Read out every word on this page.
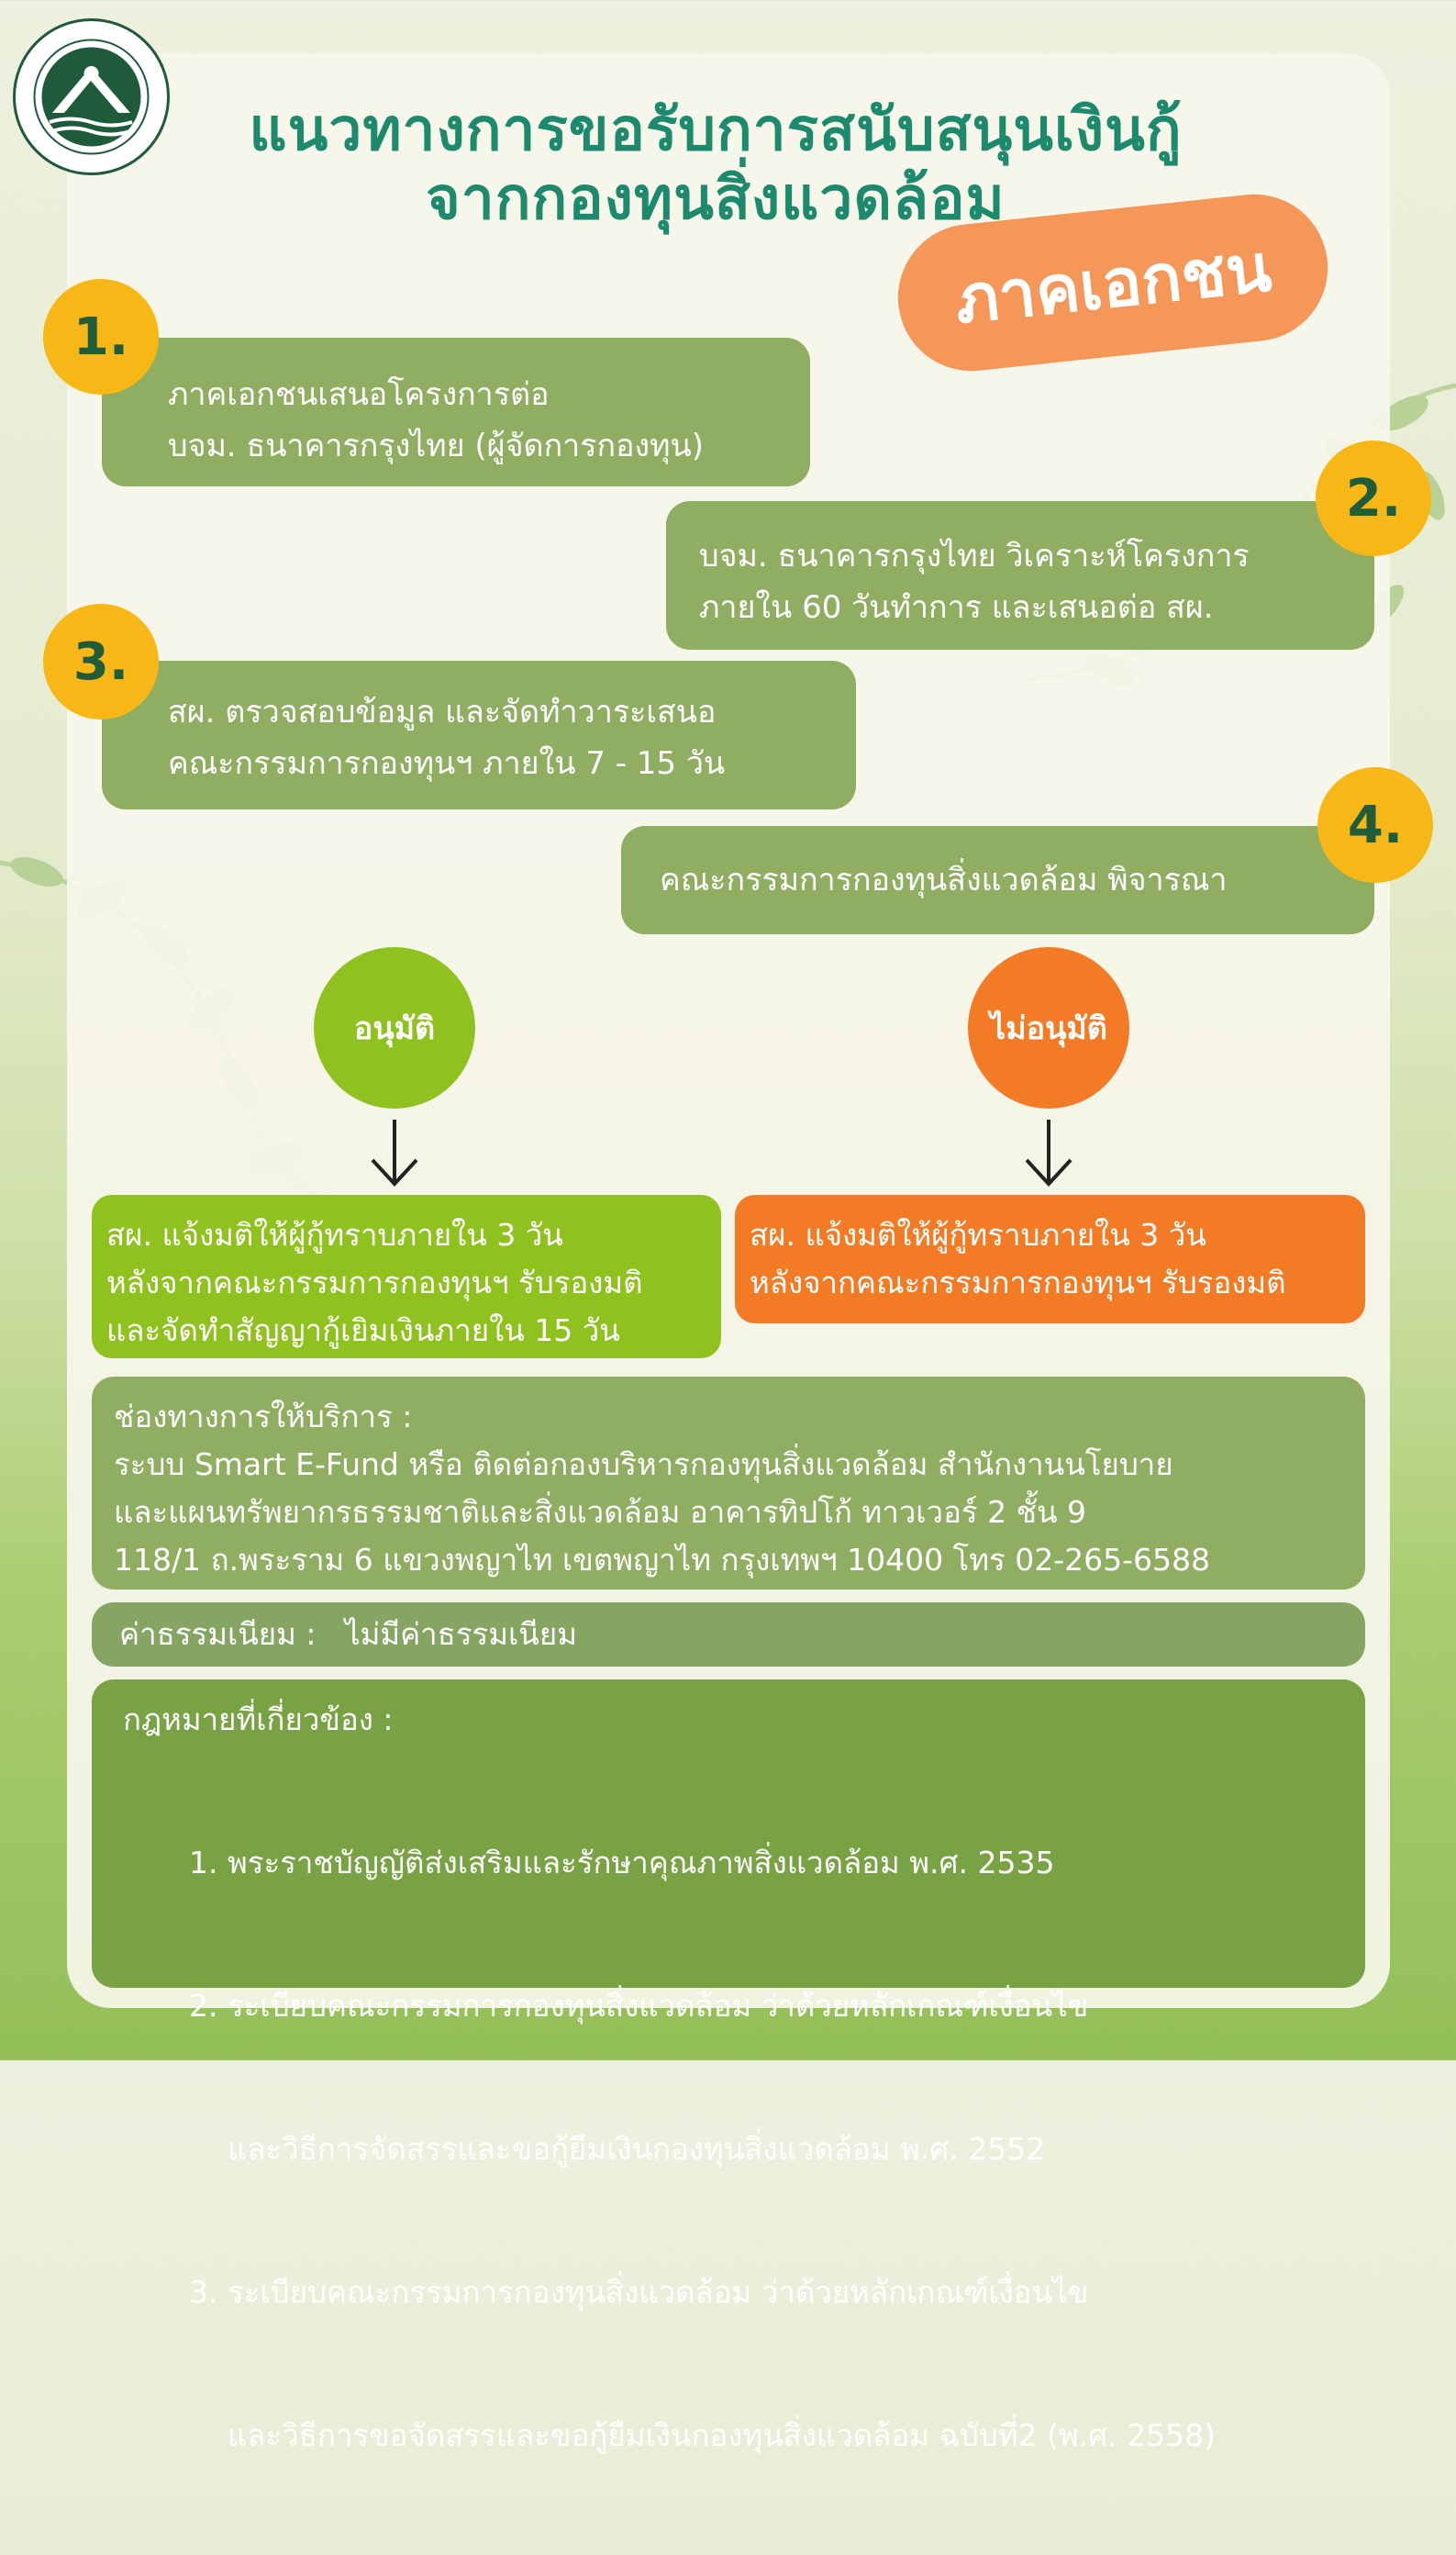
แนวทางการขอรับการสนับสนุนเงินกู้
จากกองทุนสิ่งแวดล้อม
ภาคเอกชน
ภาคเอกชนเสนอโครงการต่อ
บจม. ธนาคารกรุงไทย (ผู้จัดการกองทุน)
1.
บจม. ธนาคารกรุงไทย วิเคราะห์โครงการ
ภายใน 60 วันทำการ และเสนอต่อ สผ.
2.
สผ. ตรวจสอบข้อมูล และจัดทำวาระเสนอ
คณะกรรมการกองทุนฯ ภายใน 7 - 15 วัน
3.
คณะกรรมการกองทุนสิ่งแวดล้อม พิจารณา
4.
อนุมัติ	ไม่อนุมัติ
สผ. แจ้งมติให้ผู้กู้ทราบภายใน 3 วัน
หลังจากคณะกรรมการกองทุนฯ รับรองมติ
และจัดทำสัญญากู้เยิมเงินภายใน 15 วัน
สผ. แจ้งมติให้ผู้กู้ทราบภายใน 3 วัน
หลังจากคณะกรรมการกองทุนฯ รับรองมติ
ช่องทางการให้บริการ :
ระบบ Smart E-Fund หรือ ติดต่อกองบริหารกองทุนสิ่งแวดล้อม สำนักงานนโยบาย
และแผนทรัพยากรธรรมชาติและสิ่งแวดล้อม อาคารทิปโก้ ทาวเวอร์ 2 ชั้น 9
118/1 ถ.พระราม 6 แขวงพญาไท เขตพญาไท กรุงเทพฯ 10400 โทร 02-265-6588
ค่าธรรมเนียม : ไม่มีค่าธรรมเนียม
กฎหมายที่เกี่ยวข้อง :

1. พระราชบัญญัติส่งเสริมและรักษาคุณภาพสิ่งแวดล้อม พ.ศ. 2535

2. ระเบียบคณะกรรมการกองทุนสิ่งแวดล้อม ว่าด้วยหลักเกณฑ์เงื่อนไข

และวิธีการจัดสรรและขอกู้ยืมเงินกองทุนสิ่งแวดล้อม พ.ศ. 2552

3. ระเบียบคณะกรรมการกองทุนสิ่งแวดล้อม ว่าด้วยหลักเกณฑ์เงื่อนไข

และวิธีการขอจัดสรรและขอกู้ยืมเงินกองทุนสิ่งแวดล้อม ฉบับที่2 (พ.ศ. 2558)
